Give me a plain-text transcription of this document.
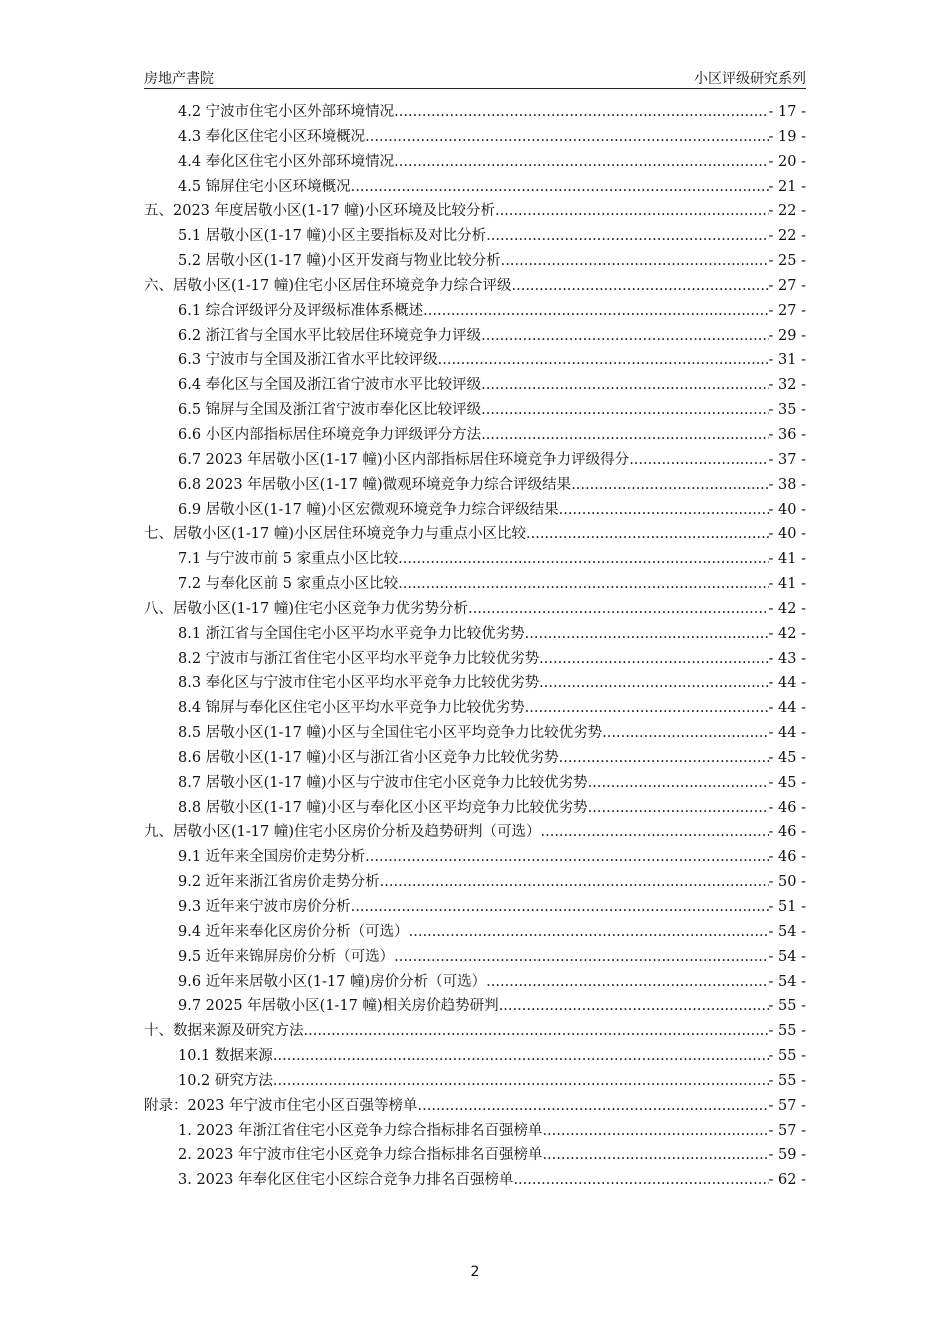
房地产書院	小区评级研究系列
4.2 宁波市住宅小区外部环境情况 .....	- 17 -
4.3 奉化区住宅小区环境概况 .....	- 19 -
4.4 奉化区住宅小区外部环境情况 .....	- 20 -
4.5 锦屏住宅小区环境概况 .....	- 21 -
五、2023 年度居敬小区(1-17 幢)小区环境及比较分析 .....	- 22 -
5.1 居敬小区(1-17 幢)小区主要指标及对比分析 .....	- 22 -
5.2 居敬小区(1-17 幢)小区开发商与物业比较分析 .....	- 25 -
六、居敬小区(1-17 幢)住宅小区居住环境竞争力综合评级 .....	- 27 -
6.1 综合评级评分及评级标准体系概述 .....	- 27 -
6.2 浙江省与全国水平比较居住环境竞争力评级 .....	- 29 -
6.3 宁波市与全国及浙江省水平比较评级 .....	- 31 -
6.4 奉化区与全国及浙江省宁波市水平比较评级 .....	- 32 -
6.5 锦屏与全国及浙江省宁波市奉化区比较评级 .....	- 35 -
6.6 小区内部指标居住环境竞争力评级评分方法 .....	- 36 -
6.7 2023 年居敬小区(1-17 幢)小区内部指标居住环境竞争力评级得分 .....	- 37 -
6.8 2023 年居敬小区(1-17 幢)微观环境竞争力综合评级结果 .....	- 38 -
6.9 居敬小区(1-17 幢)小区宏微观环境竞争力综合评级结果 .....	- 40 -
七、居敬小区(1-17 幢)小区居住环境竞争力与重点小区比较 .....	- 40 -
7.1 与宁波市前 5 家重点小区比较 .....	- 41 -
7.2 与奉化区前 5 家重点小区比较 .....	- 41 -
八、居敬小区(1-17 幢)住宅小区竞争力优劣势分析 .....	- 42 -
8.1 浙江省与全国住宅小区平均水平竞争力比较优劣势 .....	- 42 -
8.2 宁波市与浙江省住宅小区平均水平竞争力比较优劣势 .....	- 43 -
8.3 奉化区与宁波市住宅小区平均水平竞争力比较优劣势 .....	- 44 -
8.4 锦屏与奉化区住宅小区平均水平竞争力比较优劣势 .....	- 44 -
8.5 居敬小区(1-17 幢)小区与全国住宅小区平均竞争力比较优劣势 .....	- 44 -
8.6 居敬小区(1-17 幢)小区与浙江省小区竞争力比较优劣势 .....	- 45 -
8.7 居敬小区(1-17 幢)小区与宁波市住宅小区竞争力比较优劣势 .....	- 45 -
8.8 居敬小区(1-17 幢)小区与奉化区小区平均竞争力比较优劣势 .....	- 46 -
九、居敬小区(1-17 幢)住宅小区房价分析及趋势研判（可选） .....	- 46 -
9.1 近年来全国房价走势分析 .....	- 46 -
9.2 近年来浙江省房价走势分析 .....	- 50 -
9.3 近年来宁波市房价分析 .....	- 51 -
9.4 近年来奉化区房价分析（可选） .....	- 54 -
9.5 近年来锦屏房价分析（可选） .....	- 54 -
9.6 近年来居敬小区(1-17 幢)房价分析（可选） .....	- 54 -
9.7 2025 年居敬小区(1-17 幢)相关房价趋势研判 .....	- 55 -
十、数据来源及研究方法 .....	- 55 -
10.1 数据来源 .....	- 55 -
10.2 研究方法 .....	- 55 -
附录：2023 年宁波市住宅小区百强等榜单 .....	- 57 -
1. 2023 年浙江省住宅小区竞争力综合指标排名百强榜单 .....	- 57 -
2. 2023 年宁波市住宅小区竞争力综合指标排名百强榜单 .....	- 59 -
3. 2023 年奉化区住宅小区综合竞争力排名百强榜单 .....	- 62 -
2
